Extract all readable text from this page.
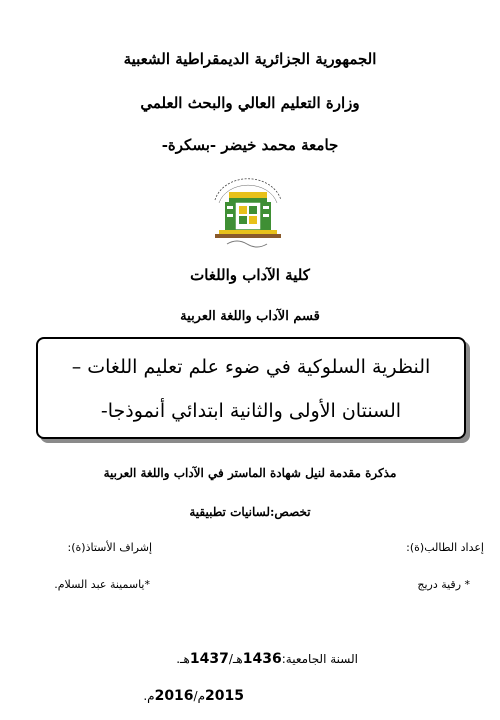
الجمهورية الجزائرية الديمقراطية الشعبية
وزارة التعليم العالي والبحث العلمي
جامعة محمد خيضر -بسكرة-
كلية الآداب واللغات
قسم الآداب واللغة العربية
النظرية السلوكية في ضوء علم تعليم اللغات –
السنتان الأولى والثانية ابتدائي أنموذجا-
مذكرة مقدمة لنيل شهادة الماستر في الآداب واللغة العربية
تخصص:لسانيات تطبيقية
إعداد الطالب(ة):
إشراف الأستاذ(ة):
* رقية دريج
*ياسمينة عبد السلام.
السنة الجامعية:1436هـ/1437هـ.
2015م/2016م.
